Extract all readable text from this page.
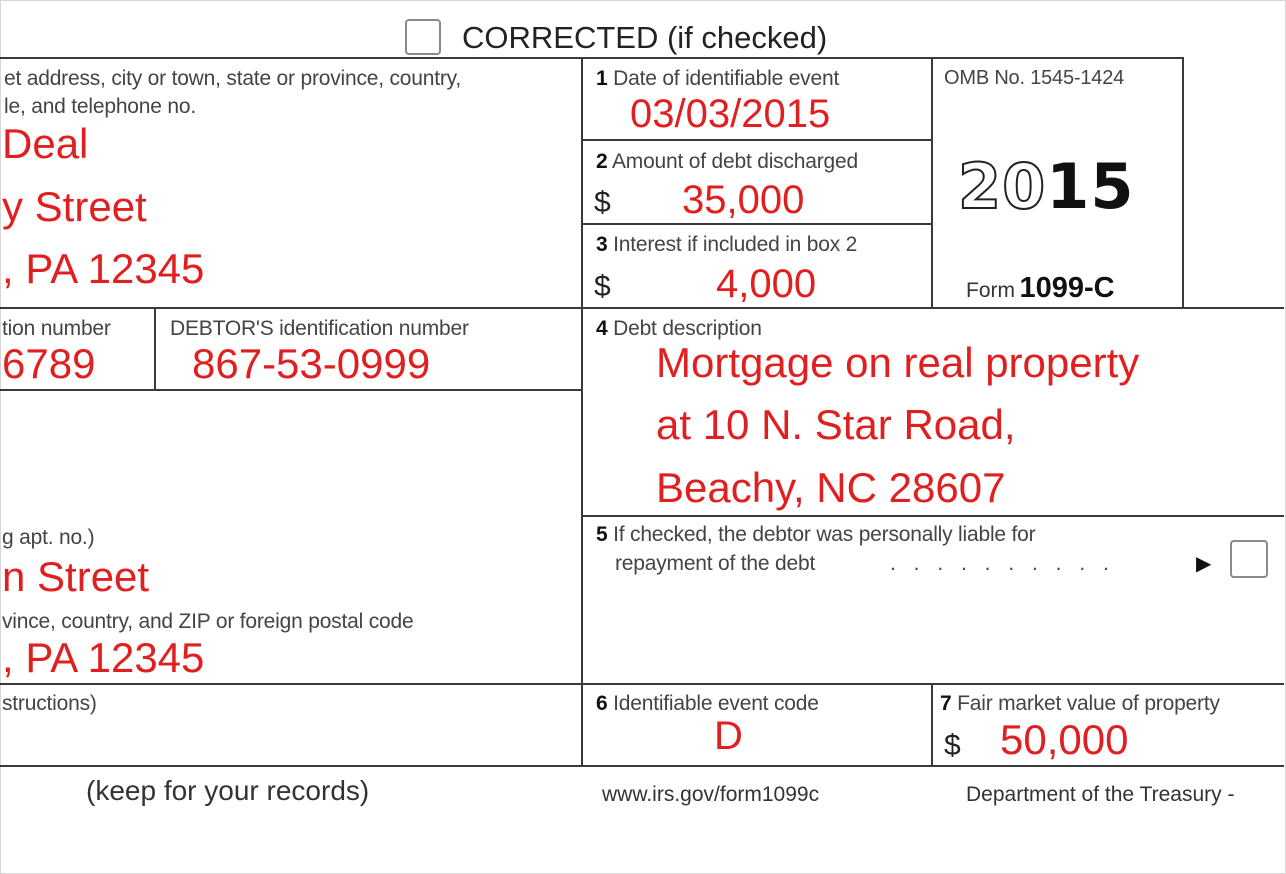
CORRECTED (if checked)
et address, city or town, state or province, country,
le, and telephone no.
Deal
y Street
, PA 12345
tion number
6789
DEBTOR'S identification number
867-53-0999
g apt. no.)
n Street
vince, country, and ZIP or foreign postal code
, PA 12345
structions)
1 Date of identifiable event
03/03/2015
2 Amount of debt discharged
$ 35,000
3 Interest if included in box 2
$	4,000
OMB No. 1545-1424
2015
Form 1099-C
4 Debt description
Mortgage on real property
at 10 N. Star Road,
Beachy, NC 28607
5 If checked, the debtor was personally liable for
repayment of the debt	. . . . . . . . . .	▶
6 Identifiable event code
D
7 Fair market value of property
$ 50,000
(keep for your records)	www.irs.gov/form1099c	Department of the Treasury -
